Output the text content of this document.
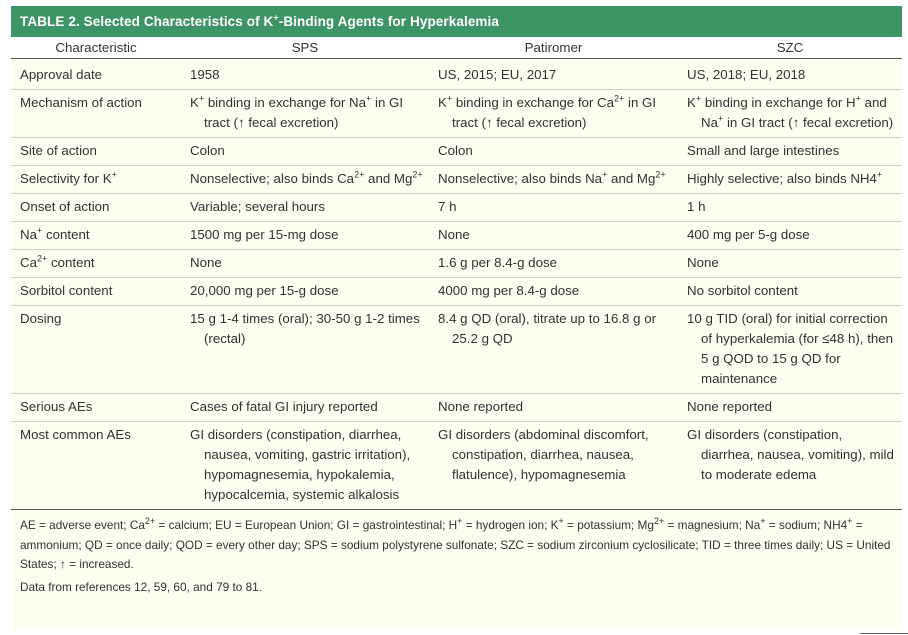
TABLE 2. Selected Characteristics of K+-Binding Agents for Hyperkalemia
Characteristic	SPS	Patiromer	SZC

Approval date	1958	US, 2015; EU, 2017	US, 2018; EU, 2018

Mechanism of action	K+ binding in exchange for Na+ in GI tract (↑ fecal excretion)	K+ binding in exchange for $Ca^{2+}$ in GI tract (↑ fecal excretion)	K+ binding in exchange for H+ and Na+ in GI tract (↑ fecal excretion)

Site of action	Colon	Colon	Small and large intestines

Selectivity for K+	Nonselective; also binds $Ca^{2+}$ and $Mg^{2+}$	Nonselective; also binds Na+ and $Mg^{2+}$	Highly selective; also binds NH4+

Onset of action	Variable; several hours	7 h	1 h

Na+ content	1500 mg per 15-mg dose	None	400 mg per 5-g dose

$Ca^{2+}$ content	None	1.6 g per 8.4-g dose	None

Sorbitol content	20,000 mg per 15-g dose	4000 mg per 8.4-g dose	No sorbitol content

Dosing	15 g 1-4 times (oral); 30-50 g 1-2 times (rectal)	8.4 g QD (oral), titrate up to 16.8 g or 25.2 g QD	10 g TID (oral) for initial correction of hyperkalemia (for ≤48 h), then 5 g QOD to 15 g QD for maintenance

Serious AEs	Cases of fatal GI injury reported	None reported	None reported

Most common AEs	GI disorders (constipation, diarrhea, nausea, vomiting, gastric irritation), hypomagnesemia, hypokalemia, hypocalcemia, systemic alkalosis	GI disorders (abdominal discomfort, constipation, diarrhea, nausea, flatulence), hypomagnesemia	GI disorders (constipation, diarrhea, nausea, vomiting), mild to moderate edema
AE = adverse event; $Ca^{2+}$ = calcium; EU = European Union; GI = gastrointestinal; H+ = hydrogen ion; K+ = potassium; $Mg^{2+}$ = magnesium; Na+ = sodium; NH4+ = ammonium; QD = once daily; QOD = every other day; SPS = sodium polystyrene sulfonate; SZC = sodium zirconium cyclosilicate; TID = three times daily; US = United States; ↑ = increased.
Data from references 12, 59, 60, and 79 to 81.
